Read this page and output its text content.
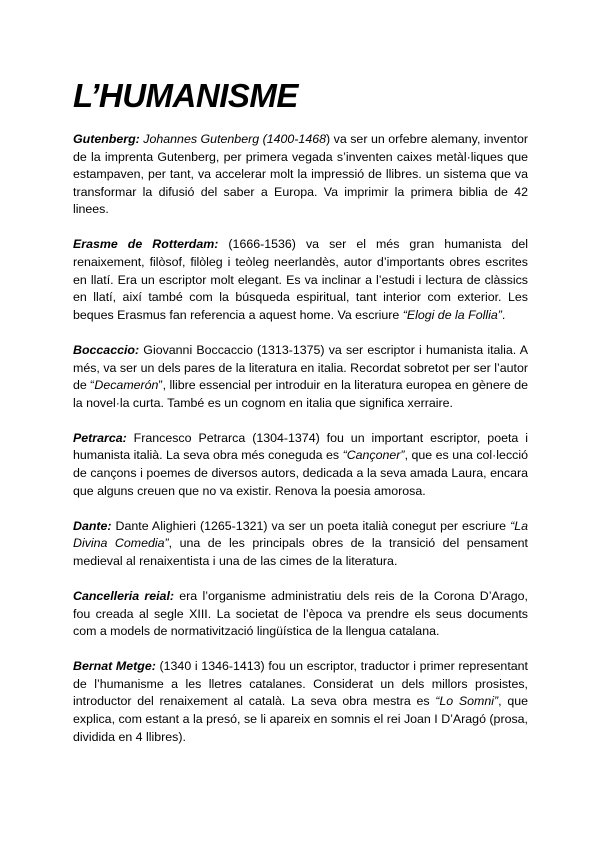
L’HUMANISME

Gutenberg: Johannes Gutenberg (1400-1468) va ser un orfebre alemany, inventor de la imprenta Gutenberg, per primera vegada s’inventen caixes metàl·liques que estampaven, per tant, va accelerar molt la impressió de llibres. un sistema que va transformar la difusió del saber a Europa. Va imprimir la primera biblia de 42 linees.

Erasme de Rotterdam: (1666-1536) va ser el més gran humanista del renaixement, filòsof, filòleg i teòleg neerlandès, autor d’importants obres escrites en llatí. Era un escriptor molt elegant. Es va inclinar a l’estudi i lectura de clàssics en llatí, així també com la búsqueda espiritual, tant interior com exterior. Les beques Erasmus fan referencia a aquest home. Va escriure “Elogi de la Follia”.

Boccaccio: Giovanni Boccaccio (1313-1375) va ser escriptor i humanista italia. A més, va ser un dels pares de la literatura en italia. Recordat sobretot per ser l’autor de “Decamerón”, llibre essencial per introduir en la literatura europea en gènere de la novel·la curta. També es un cognom en italia que significa xerraire.

Petrarca: Francesco Petrarca (1304-1374) fou un important escriptor, poeta i humanista italià. La seva obra més coneguda es “Cançoner”, que es una col·lecció de cançons i poemes de diversos autors, dedicada a la seva amada Laura, encara que alguns creuen que no va existir. Renova la poesia amorosa.

Dante: Dante Alighieri (1265-1321) va ser un poeta italià conegut per escriure “La Divina Comedia”, una de les principals obres de la transició del pensament medieval al renaixentista i una de las cimes de la literatura.

Cancelleria reial: era l’organisme administratiu dels reis de la Corona D’Arago, fou creada al segle XIII. La societat de l’època va prendre els seus documents com a models de normativització lingüística de la llengua catalana.

Bernat Metge: (1340 i 1346-1413) fou un escriptor, traductor i primer representant de l’humanisme a les lletres catalanes. Considerat un dels millors prosistes, introductor del renaixement al català. La seva obra mestra es “Lo Somni”, que explica, com estant a la presó, se li apareix en somnis el rei Joan I D’Aragó (prosa, dividida en 4 llibres).
